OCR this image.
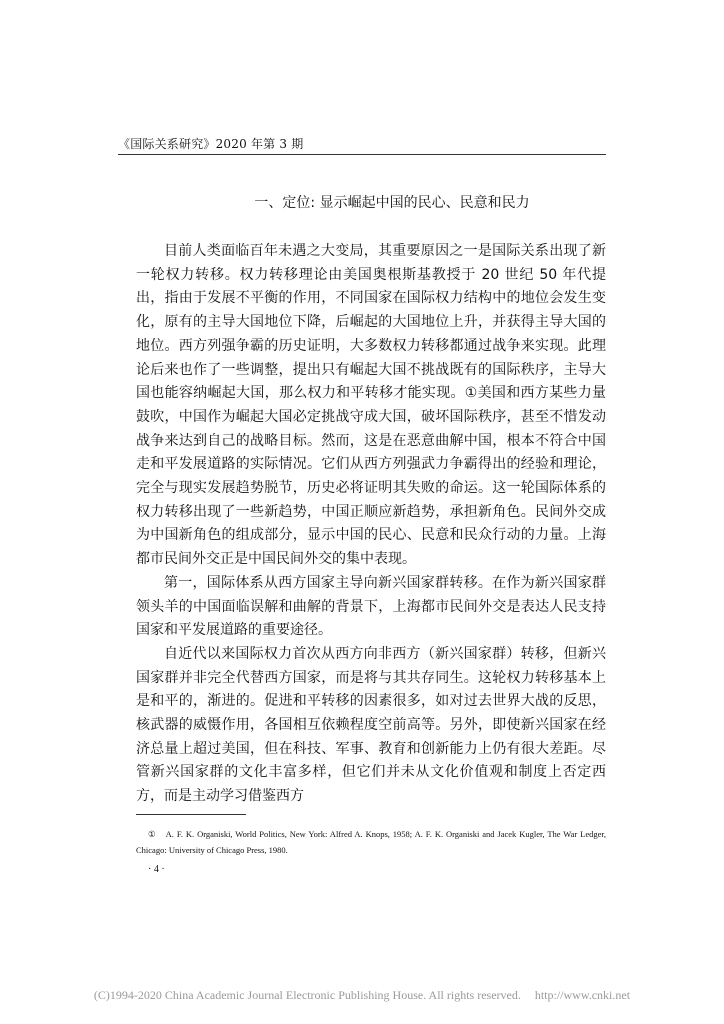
《国际关系研究》2020 年第 3 期
一、定位: 显示崛起中国的民心、民意和民力

目前人类面临百年未遇之大变局，其重要原因之一是国际关系出现了新一轮权力转移。权力转移理论由美国奥根斯基教授于 20 世纪 50 年代提出，指由于发展不平衡的作用，不同国家在国际权力结构中的地位会发生变化，原有的主导大国地位下降，后崛起的大国地位上升，并获得主导大国的地位。西方列强争霸的历史证明，大多数权力转移都通过战争来实现。此理论后来也作了一些调整，提出只有崛起大国不挑战既有的国际秩序，主导大国也能容纳崛起大国，那么权力和平转移才能实现。①美国和西方某些力量鼓吹，中国作为崛起大国必定挑战守成大国，破坏国际秩序，甚至不惜发动战争来达到自己的战略目标。然而，这是在恶意曲解中国，根本不符合中国走和平发展道路的实际情况。它们从西方列强武力争霸得出的经验和理论，完全与现实发展趋势脱节，历史必将证明其失败的命运。这一轮国际体系的权力转移出现了一些新趋势，中国正顺应新趋势，承担新角色。民间外交成为中国新角色的组成部分，显示中国的民心、民意和民众行动的力量。上海都市民间外交正是中国民间外交的集中表现。

第一，国际体系从西方国家主导向新兴国家群转移。在作为新兴国家群领头羊的中国面临误解和曲解的背景下，上海都市民间外交是表达人民支持国家和平发展道路的重要途径。

自近代以来国际权力首次从西方向非西方（新兴国家群）转移，但新兴国家群并非完全代替西方国家，而是将与其共存同生。这轮权力转移基本上是和平的，渐进的。促进和平转移的因素很多，如对过去世界大战的反思，核武器的威慑作用，各国相互依赖程度空前高等。另外，即使新兴国家在经济总量上超过美国，但在科技、军事、教育和创新能力上仍有很大差距。尽管新兴国家群的文化丰富多样，但它们并未从文化价值观和制度上否定西方，而是主动学习借鉴西方

①　A. F. K. Organiski, World Politics, New York: Alfred A. Knops, 1958; A. F. K. Organiski and Jacek Kugler, The War Ledger, Chicago: University of Chicago Press, 1980.

· 4 ·
(C)1994-2020 China Academic Journal Electronic Publishing House. All rights reserved. http://www.cnki.net
